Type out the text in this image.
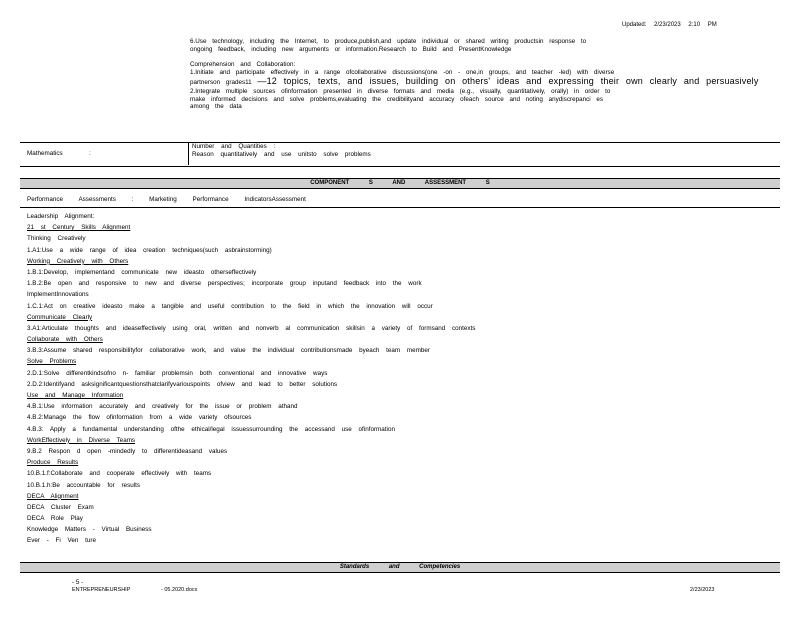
Updated: 2/23/2023 2:10 PM
6.Use technology, including the Internet, to produce,publish,and update individual or shared writing productsin response to
ongoing feedback, including new arguments or information.Research to Build and PresentKnowledge
Comprehension and Collaboration:
1.Initiate and participate effectively in a range ofcollaborative discussions(one -on - one,in groups, and teacher -led) with diverse
partnerson grades11 —12 topics, texts, and issues, building on others' ideas and expressing their own clearly and persuasively
2.Integrate multiple sources ofinformation presented in diverse formats and media (e.g., visually, quantitatively, orally) in order to
make informed decisions and solve problems,evaluating the credibilityand accuracy ofeach source and noting anydiscrepanci es
among the data
Mathematics	:
Number and Quantities :
Reason quantitatively and use unitsto solve problems
COMPONENT S AND ASSESSMENT S
Performance Assessments : Marketing Performance IndicatorsAssessment
Leadership Alignment:
21 st Century Skills Alignment
Thinking Creatively
1.A1:Use a wide range of idea creation techniques(such asbrainstorming)
Working Creatively with Others
1.B.1:Develop, implementand communicate new ideasto otherseffectively
1.B.2:Be open and responsive to new and diverse perspectives; incorporate group inputand feedback into the work
ImplementInnovations
1.C.1:Act on creative ideasto make a tangible and useful contribution to the field in which the innovation will occur
Communicate Clearly
3.A1:Articulate thoughts and ideaseffectively using oral, written and nonverb al communication skillsin a variety of formsand contexts
Collaborate with Others
3.B.3:Assume shared responsibilityfor collaborative work, and value the individual contributionsmade byeach team member
Solve Problems
2.D.1:Solve differentkindsofno n- familiar problemsin both conventional and innovative ways
2.D.2:Identifyand asksignificantquestionsthatclarifyvariouspoints ofview and lead to better solutions
Use and Manage Information
4.B.1:Use information accurately and creatively for the issue or problem athand
4.B.2:Manage the flow ofinformation from a wide variety ofsources
4.B.3: Apply a fundamental understanding ofthe ethical/legal issuessurrounding the accessand use ofinformation
WorkEffectively in Diverse Teams
9.B.2 Respon d open -mindedly to differentideasand values
Produce Results
10.B.1.f:Collaborate and cooperate effectively with teams
10.B.1.h:Be accountable for results
DECA Alignment
DECA Cluster Exam
DECA Role Play
Knowledge Matters - Virtual Business
Ever - Fi Ven ture
Standards and Competencies
- 5 -
ENTREPRENEURSHIP	- 05.2020.docx	2/23/2023
